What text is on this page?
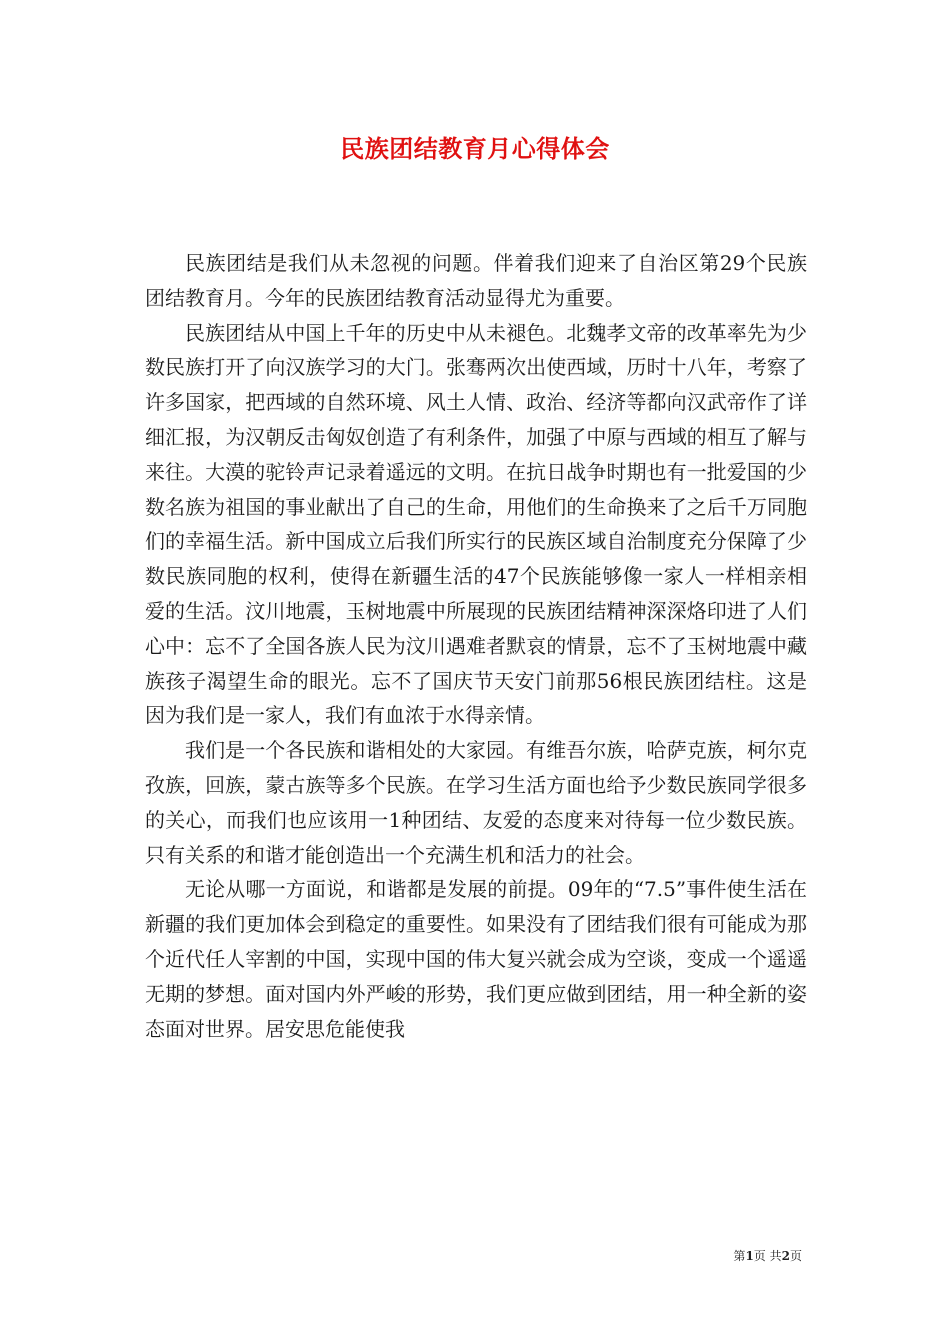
民族团结教育月心得体会

民族团结是我们从未忽视的问题。伴着我们迎来了自治区第29个民族团结教育月。今年的民族团结教育活动显得尤为重要。

民族团结从中国上千年的历史中从未褪色。北魏孝文帝的改革率先为少数民族打开了向汉族学习的大门。张骞两次出使西域，历时十八年，考察了许多国家，把西域的自然环境、风土人情、政治、经济等都向汉武帝作了详细汇报，为汉朝反击匈奴创造了有利条件，加强了中原与西域的相互了解与来往。大漠的驼铃声记录着遥远的文明。在抗日战争时期也有一批爱国的少数名族为祖国的事业献出了自己的生命，用他们的生命换来了之后千万同胞们的幸福生活。新中国成立后我们所实行的民族区域自治制度充分保障了少数民族同胞的权利，使得在新疆生活的47个民族能够像一家人一样相亲相爱的生活。汶川地震，玉树地震中所展现的民族团结精神深深烙印进了人们心中：忘不了全国各族人民为汶川遇难者默哀的情景，忘不了玉树地震中藏族孩子渴望生命的眼光。忘不了国庆节天安门前那56根民族团结柱。这是因为我们是一家人，我们有血浓于水得亲情。

我们是一个各民族和谐相处的大家园。有维吾尔族，哈萨克族，柯尔克孜族，回族，蒙古族等多个民族。在学习生活方面也给予少数民族同学很多的关心，而我们也应该用一1种团结、友爱的态度来对待每一位少数民族。只有关系的和谐才能创造出一个充满生机和活力的社会。

无论从哪一方面说，和谐都是发展的前提。09年的“7.5”事件使生活在新疆的我们更加体会到稳定的重要性。如果没有了团结我们很有可能成为那个近代任人宰割的中国，实现中国的伟大复兴就会成为空谈，变成一个遥遥无期的梦想。面对国内外严峻的形势，我们更应做到团结，用一种全新的姿态面对世界。居安思危能使我

第1页 共2页
